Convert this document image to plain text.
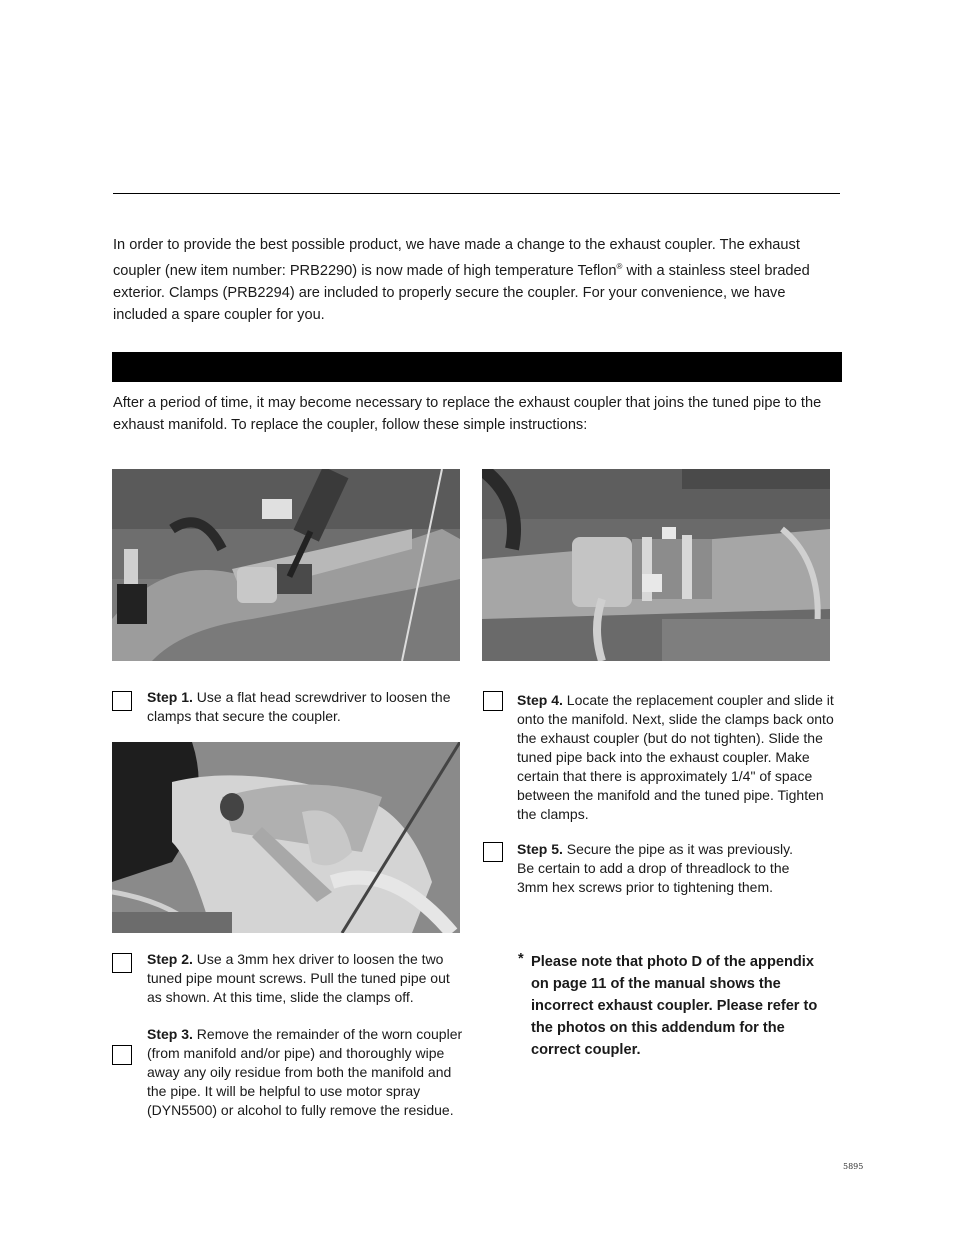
In order to provide the best possible product, we have made a change to the exhaust coupler. The exhaust coupler (new item number: PRB2290) is now made of high temperature Teflon® with a stainless steel braded exterior. Clamps (PRB2294) are included to properly secure the coupler. For your convenience, we have included a spare coupler for you.
After a period of time, it may become necessary to replace the exhaust coupler that joins the tuned pipe to the exhaust manifold. To replace the coupler, follow these simple instructions:
Step 1. Use a flat head screwdriver to loosen the clamps that secure the coupler.
Step 2. Use a 3mm hex driver to loosen the two tuned pipe mount screws. Pull the tuned pipe out as shown. At this time, slide the clamps off.
Step 3. Remove the remainder of the worn coupler (from manifold and/or pipe) and thoroughly wipe away any oily residue from both the manifold and the pipe. It will be helpful to use motor spray (DYN5500) or alcohol to fully remove the residue.
Step 4. Locate the replacement coupler and slide it onto the manifold. Next, slide the clamps back onto the exhaust coupler (but do not tighten). Slide the tuned pipe back into the exhaust coupler. Make certain that there is approximately 1/4" of space between the manifold and the tuned pipe. Tighten the clamps.
Step 5. Secure the pipe as it was previously. Be certain to add a drop of threadlock to the 3mm hex screws prior to tightening them.
* Please note that photo D of the appendix on page 11 of the manual shows the incorrect exhaust coupler. Please refer to the photos on this addendum for the correct coupler.
5895
